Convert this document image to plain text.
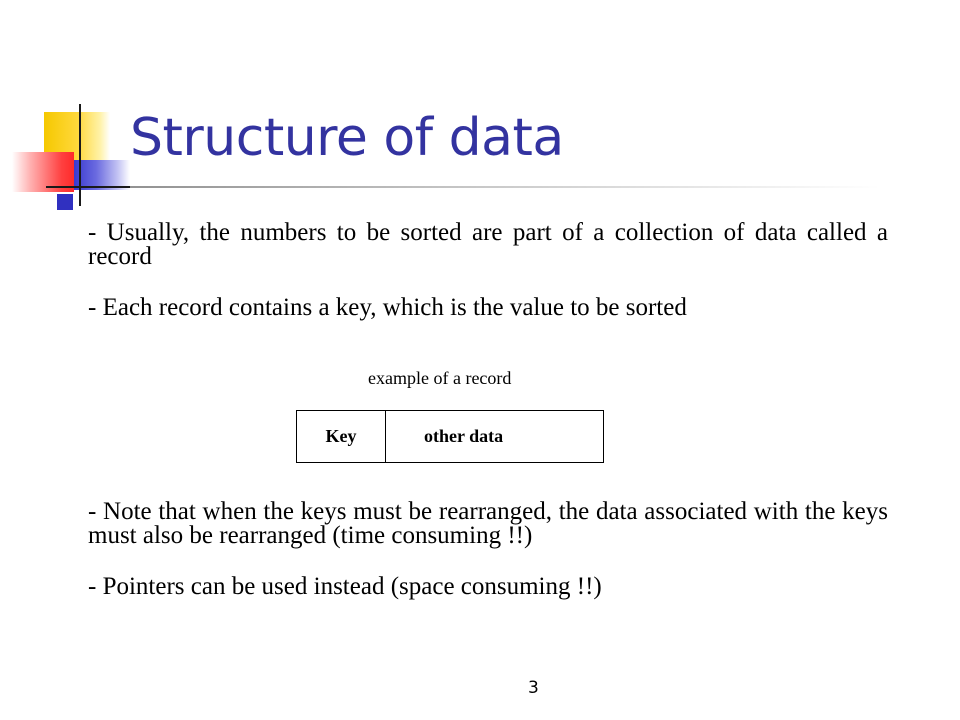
Structure of data

- Usually, the numbers to be sorted are part of a collection of data called a record

- Each record contains a key, which is the value to be sorted

example of a record
Key	other data

- Note that when the keys must be rearranged, the data associated with the keys must also be rearranged (time consuming !!)

- Pointers can be used instead (space consuming !!)

3
